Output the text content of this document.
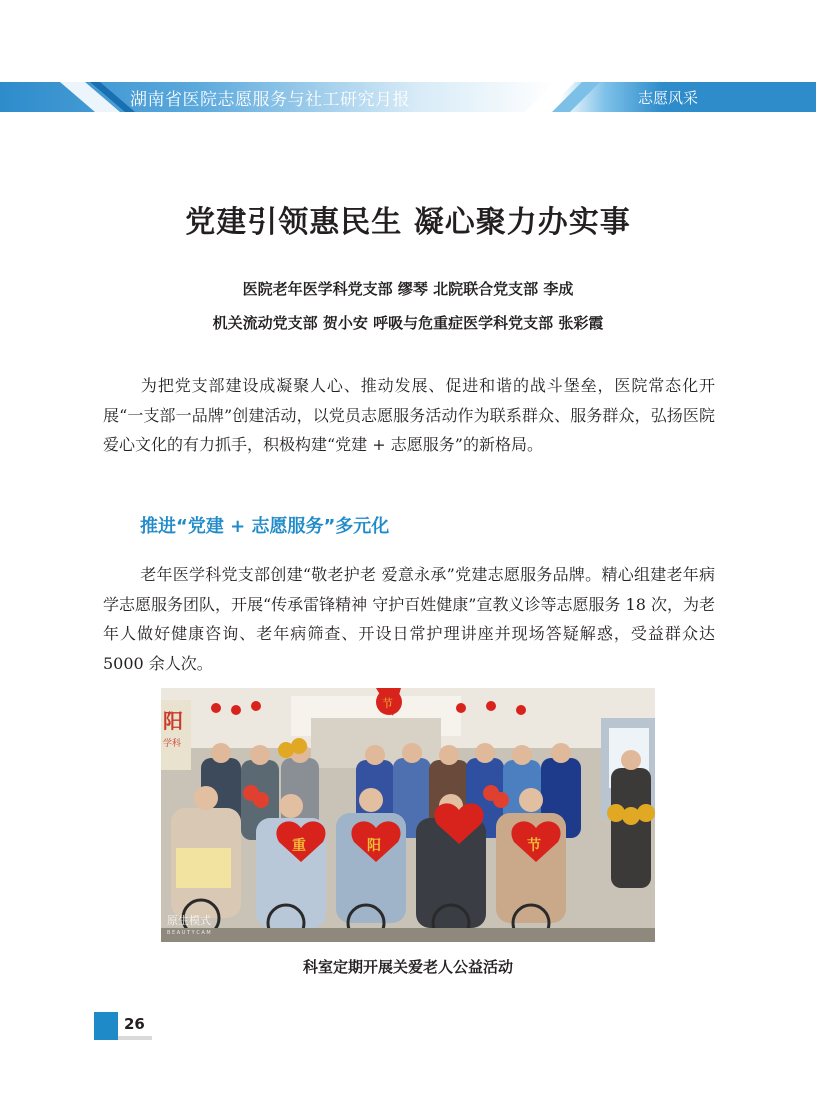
湖南省医院志愿服务与社工研究月报	志愿风采
党建引领惠民生 凝心聚力办实事
医院老年医学科党支部 缪琴 北院联合党支部 李成
机关流动党支部 贺小安 呼吸与危重症医学科党支部 张彩霞

为把党支部建设成凝聚人心、推动发展、促进和谐的战斗堡垒，医院常态化开展“一支部一品牌”创建活动，以党员志愿服务活动作为联系群众、服务群众，弘扬医院爱心文化的有力抓手，积极构建“党建 + 志愿服务”的新格局。

推进“党建 + 志愿服务”多元化

老年医学科党支部创建“敬老护老 爱意永承”党建志愿服务品牌。精心组建老年病学志愿服务团队，开展“传承雷锋精神 守护百姓健康”宣教义诊等志愿服务 18 次，为老年人做好健康咨询、老年病筛查、开设日常护理讲座并现场答疑解惑，受益群众达 5000 余人次。

阳
学科
节
重	阳	节
原生模式
B E A U T Y C A M
科室定期开展关爱老人公益活动
26
